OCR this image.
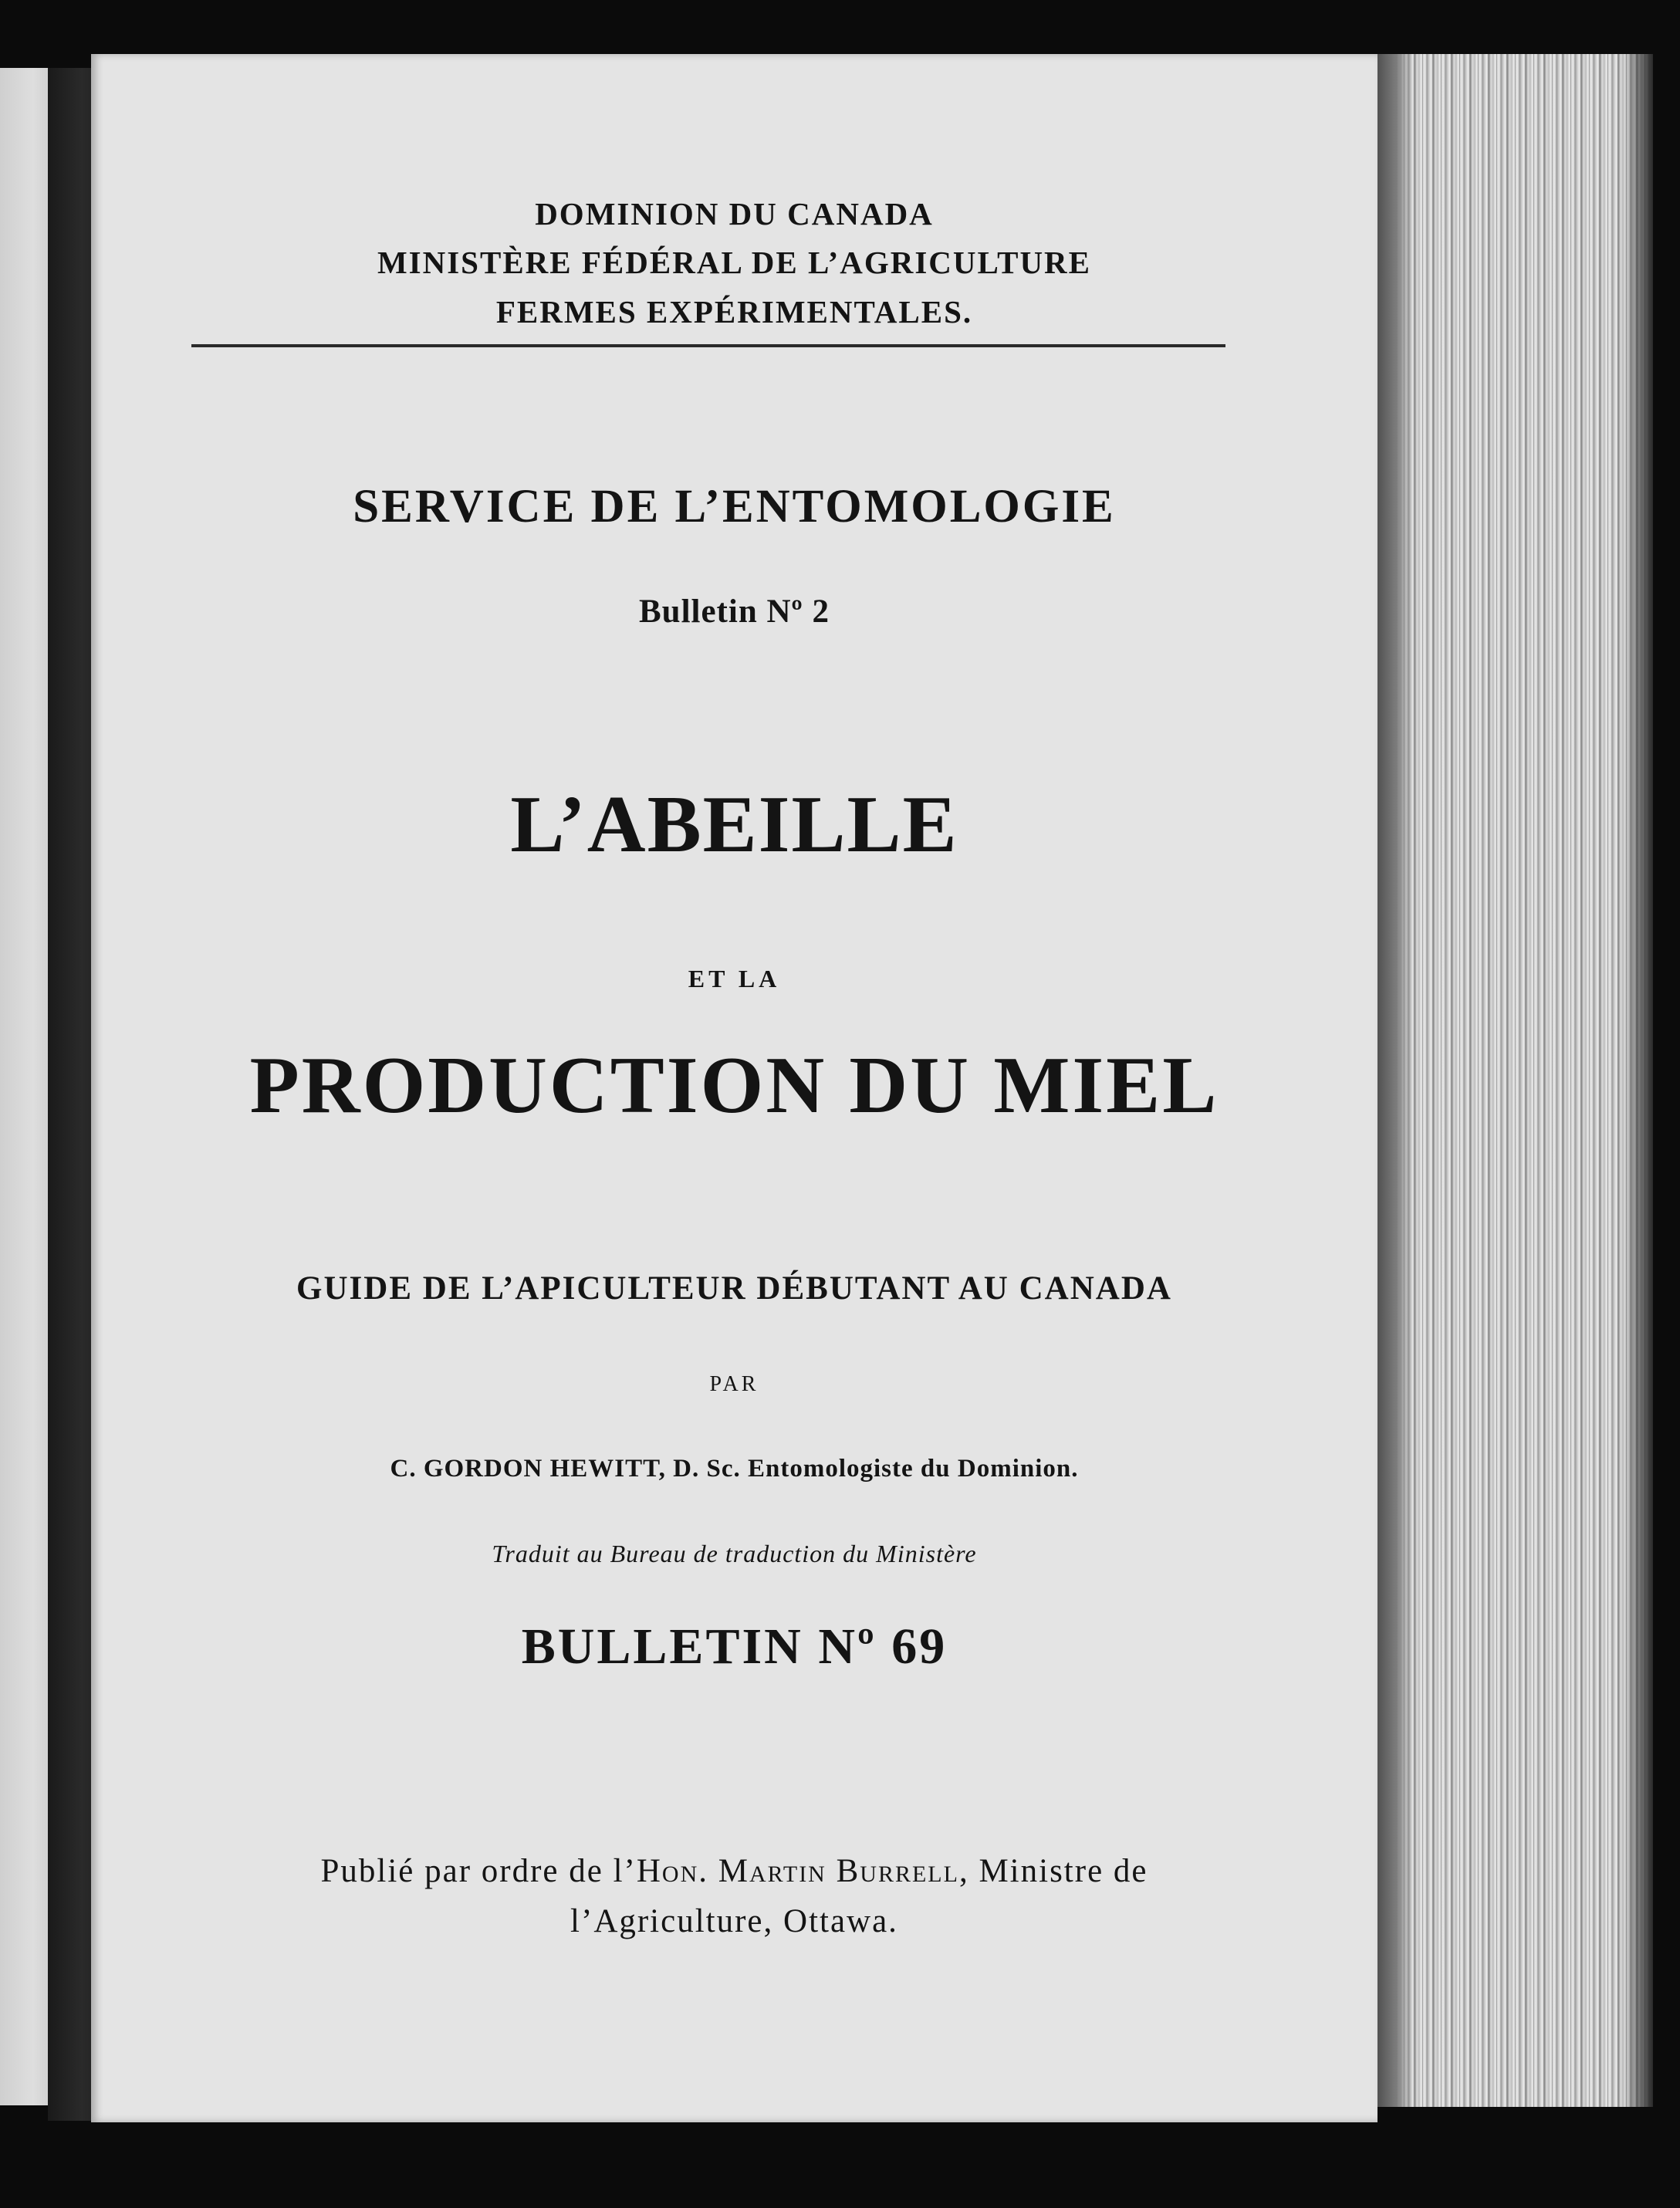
DOMINION DU CANADA
MINISTÈRE FÉDÉRAL DE L’AGRICULTURE
FERMES EXPÉRIMENTALES.
SERVICE DE L’ENTOMOLOGIE
Bulletin Nº 2
L’ABEILLE
ET LA
PRODUCTION DU MIEL
GUIDE DE L’APICULTEUR DÉBUTANT AU CANADA
PAR
C. GORDON HEWITT, D. Sc. Entomologiste du Dominion.
Traduit au Bureau de traduction du Ministère
BULLETIN Nº 69
Publié par ordre de l’Hon. Martin Burrell, Ministre de
l’Agriculture, Ottawa.
